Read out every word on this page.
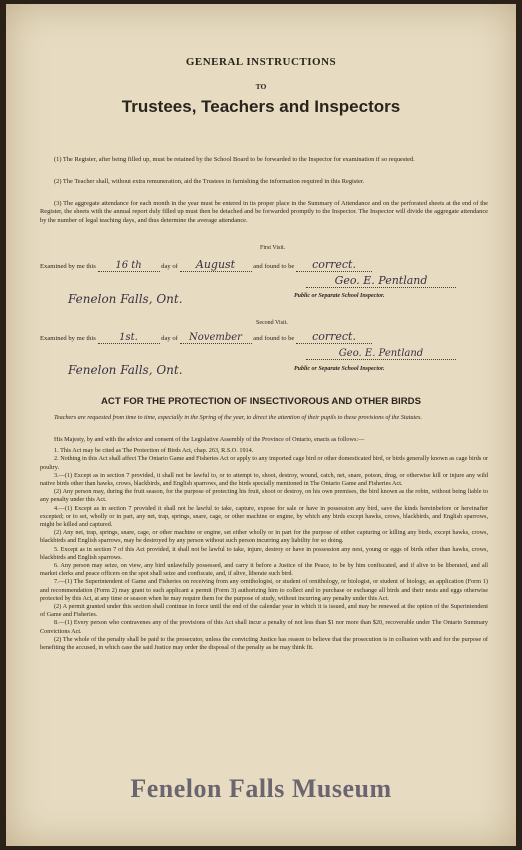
GENERAL INSTRUCTIONS
TO
Trustees, Teachers and Inspectors
(1) The Register, after being filled up, must be retained by the School Board to be forwarded to the Inspector for examination if so requested.
(2) The Teacher shall, without extra remuneration, aid the Trustees in furnishing the information required in this Register.
(3) The aggregate attendance for each month in the year must be entered in its proper place in the Summary of Attendance and on the perforated sheets at the end of the Register, the sheets with the annual report duly filled up must then be detached and be forwarded promptly to the Inspector. The Inspector will divide the aggregate attendance by the number of legal teaching days, and thus determine the average attendance.
First Visit.
Examined by me this 16 th	day of August	and found to be correct.
Geo. E. Pentland
Public or Separate School Inspector.
Fenelon Falls, Ont.
Second Visit.
Examined by me this 1st.	day of November and found to be correct.
Geo. E. Pentland
Public or Separate School Inspector.
Fenelon Falls, Ont.
ACT FOR THE PROTECTION OF INSECTIVOROUS AND OTHER BIRDS
Teachers are requested from time to time, especially in the Spring of the year, to direct the attention of their pupils to these provisions of the Statutes.

His Majesty, by and with the advice and consent of the Legislative Assembly of the Province of Ontario, enacts as follows:—

1. This Act may be cited as The Protection of Birds Act, chap. 263, R.S.O. 1914.

2. Nothing in this Act shall affect The Ontario Game and Fisheries Act or apply to any imported cage bird or other domesticated bird, or birds generally known as cage birds or poultry.

3.—(1) Except as in section 7 provided, it shall not be lawful to, or to attempt to, shoot, destroy, wound, catch, net, snare, poison, drug, or otherwise kill or injure any wild native birds other than hawks, crows, blackbirds, and English sparrows, and the birds specially mentioned in The Ontario Game and Fisheries Act.

(2) Any person may, during the fruit season, for the purpose of protecting his fruit, shoot or destroy, on his own premises, the bird known as the robin, without being liable to any penalty under this Act.

4.—(1) Except as in section 7 provided it shall not be lawful to take, capture, expose for sale or have in possession any bird, save the kinds hereinbefore or hereinafter excepted; or to set, wholly or in part, any net, trap, springs, snare, cage, or other machine or engine, by which any birds except hawks, crows, blackbirds, and English sparrows, might be killed and captured.

(2) Any net, trap, springs, snare, cage, or other machine or engine, set either wholly or in part for the purpose of either capturing or killing any birds, except hawks, crows, blackbirds and English sparrows, may be destroyed by any person without such person incurring any liability for so doing.

5. Except as in section 7 of this Act provided, it shall not be lawful to take, injure, destroy or have in possession any nest, young or eggs of birds other than hawks, crows, blackbirds and English sparrows.

6. Any person may seize, on view, any bird unlawfully possessed, and carry it before a Justice of the Peace, to be by him confiscated, and if alive to be liberated, and all market clerks and peace officers on the spot shall seize and confiscate, and, if alive, liberate such bird.

7.—(1) The Superintendent of Game and Fisheries on receiving from any ornithologist, or student of ornithology, or biologist, or student of biology, an application (Form 1) and recommendation (Form 2) may grant to such applicant a permit (Form 3) authorizing him to collect and to purchase or exchange all birds and their nests and eggs otherwise protected by this Act, at any time or season when he may require them for the purpose of study, without incurring any penalty under this Act.

(2) A permit granted under this section shall continue in force until the end of the calendar year in which it is issued, and may be renewed at the option of the Superintendent of Game and Fisheries.

8.—(1) Every person who contravenes any of the provisions of this Act shall incur a penalty of not less than $1 nor more than $20, recoverable under The Ontario Summary Convictions Act.

(2) The whole of the penalty shall be paid to the prosecutor, unless the convicting Justice has reason to believe that the prosecution is in collusion with and for the purpose of benefiting the accused, in which case the said Justice may order the disposal of the penalty as he may think fit.

Fenelon Falls Museum
